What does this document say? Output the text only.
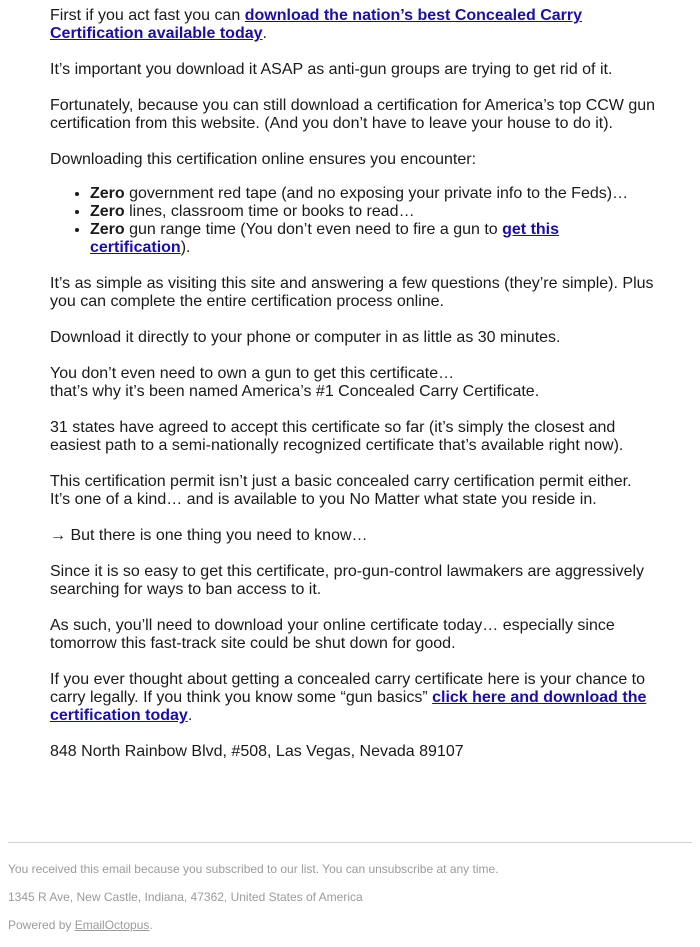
First if you act fast you can download the nation’s best Concealed Carry Certification available today.

It’s important you download it ASAP as anti-gun groups are trying to get rid of it.

Fortunately, because you can still download a certification for America’s top CCW gun certification from this website. (And you don’t have to leave your house to do it).

Downloading this certification online ensures you encounter:

• Zero government red tape (and no exposing your private info to the Feds)…
• Zero lines, classroom time or books to read…
• Zero gun range time (You don’t even need to fire a gun to get this certification).

It’s as simple as visiting this site and answering a few questions (they’re simple). Plus you can complete the entire certification process online.

Download it directly to your phone or computer in as little as 30 minutes.

You don’t even need to own a gun to get this certificate…
that’s why it’s been named America’s #1 Concealed Carry Certificate.

31 states have agreed to accept this certificate so far (it’s simply the closest and easiest path to a semi-nationally recognized certificate that’s available right now).

This certification permit isn’t just a basic concealed carry certification permit either.
It’s one of a kind… and is available to you No Matter what state you reside in.

→ But there is one thing you need to know…

Since it is so easy to get this certificate, pro-gun-control lawmakers are aggressively searching for ways to ban access to it.

As such, you’ll need to download your online certificate today… especially since tomorrow this fast-track site could be shut down for good.

If you ever thought about getting a concealed carry certificate here is your chance to carry legally. If you think you know some “gun basics” click here and download the certification today.

848 North Rainbow Blvd, #508, Las Vegas, Nevada 89107

You received this email because you subscribed to our list. You can unsubscribe at any time.
1345 R Ave, New Castle, Indiana, 47362, United States of America
Powered by EmailOctopus.
